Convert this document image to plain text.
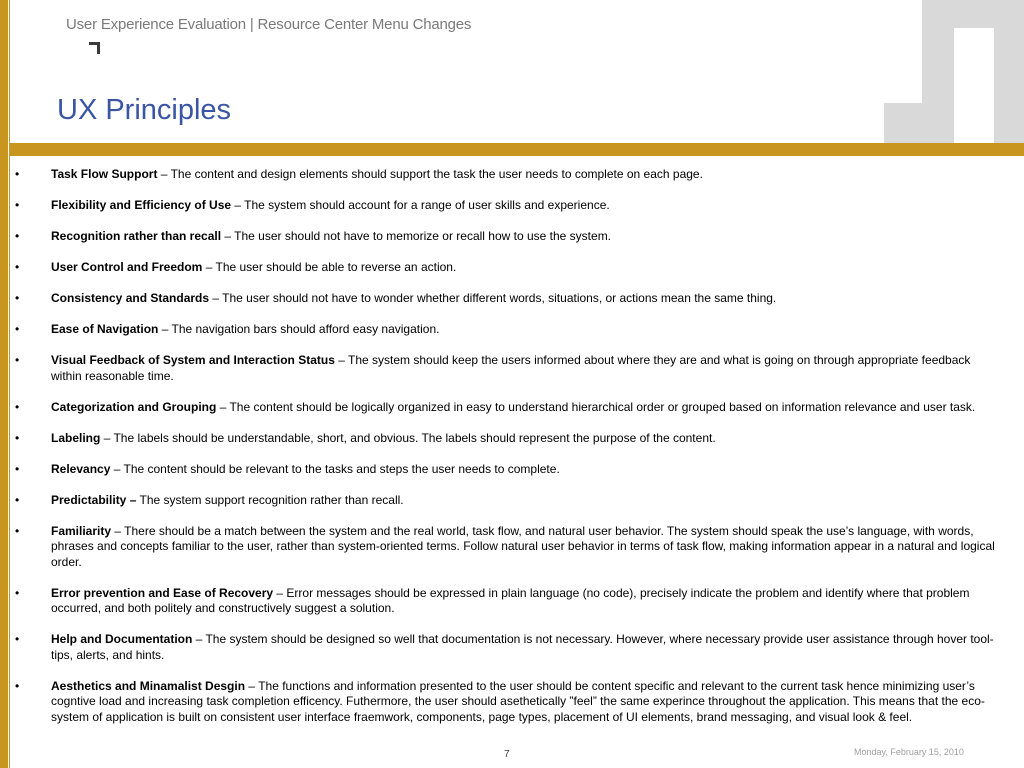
User Experience Evaluation | Resource Center Menu Changes
UX Principles
•	Task Flow Support – The content and design elements should support the task the user needs to complete on each page.
•	Flexibility and Efficiency of Use – The system should account for a range of user skills and experience.
•	Recognition rather than recall – The user should not have to memorize or recall how to use the system.
•	User Control and Freedom – The user should be able to reverse an action.
•	Consistency and Standards – The user should not have to wonder whether different words, situations, or actions mean the same thing.
•	Ease of Navigation – The navigation bars should afford easy navigation.
•	Visual Feedback of System and Interaction Status – The system should keep the users informed about where they are and what is going on through appropriate feedback within reasonable time.
•	Categorization and Grouping – The content should be logically organized in easy to understand hierarchical order or grouped based on information relevance and user task.
•	Labeling – The labels should be understandable, short, and obvious. The labels should represent the purpose of the content.
•	Relevancy – The content should be relevant to the tasks and steps the user needs to complete.
•	Predictability – The system support recognition rather than recall.
•	Familiarity – There should be a match between the system and the real world, task flow, and natural user behavior. The system should speak the use’s language, with words, phrases and concepts familiar to the user, rather than system-oriented terms. Follow natural user behavior in terms of task flow, making information appear in a natural and logical order.
•	Error prevention and Ease of Recovery – Error messages should be expressed in plain language (no code), precisely indicate the problem and identify where that problem occurred, and both politely and constructively suggest a solution.
•	Help and Documentation – The system should be designed so well that documentation is not necessary. However, where necessary provide user assistance through hover tool-tips, alerts, and hints.
•	Aesthetics and Minamalist Desgin – The functions and information presented to the user should be content specific and relevant to the current task hence minimizing user’s cogntive load and increasing task completion efficency. Futhermore, the user should asethetically ”feel” the same experince throughout the application. This means that the eco-system of application is built on consistent user interface fraemwork, components, page types, placement of UI elements, brand messaging, and visual look & feel.
7	Monday, February 15, 2010
